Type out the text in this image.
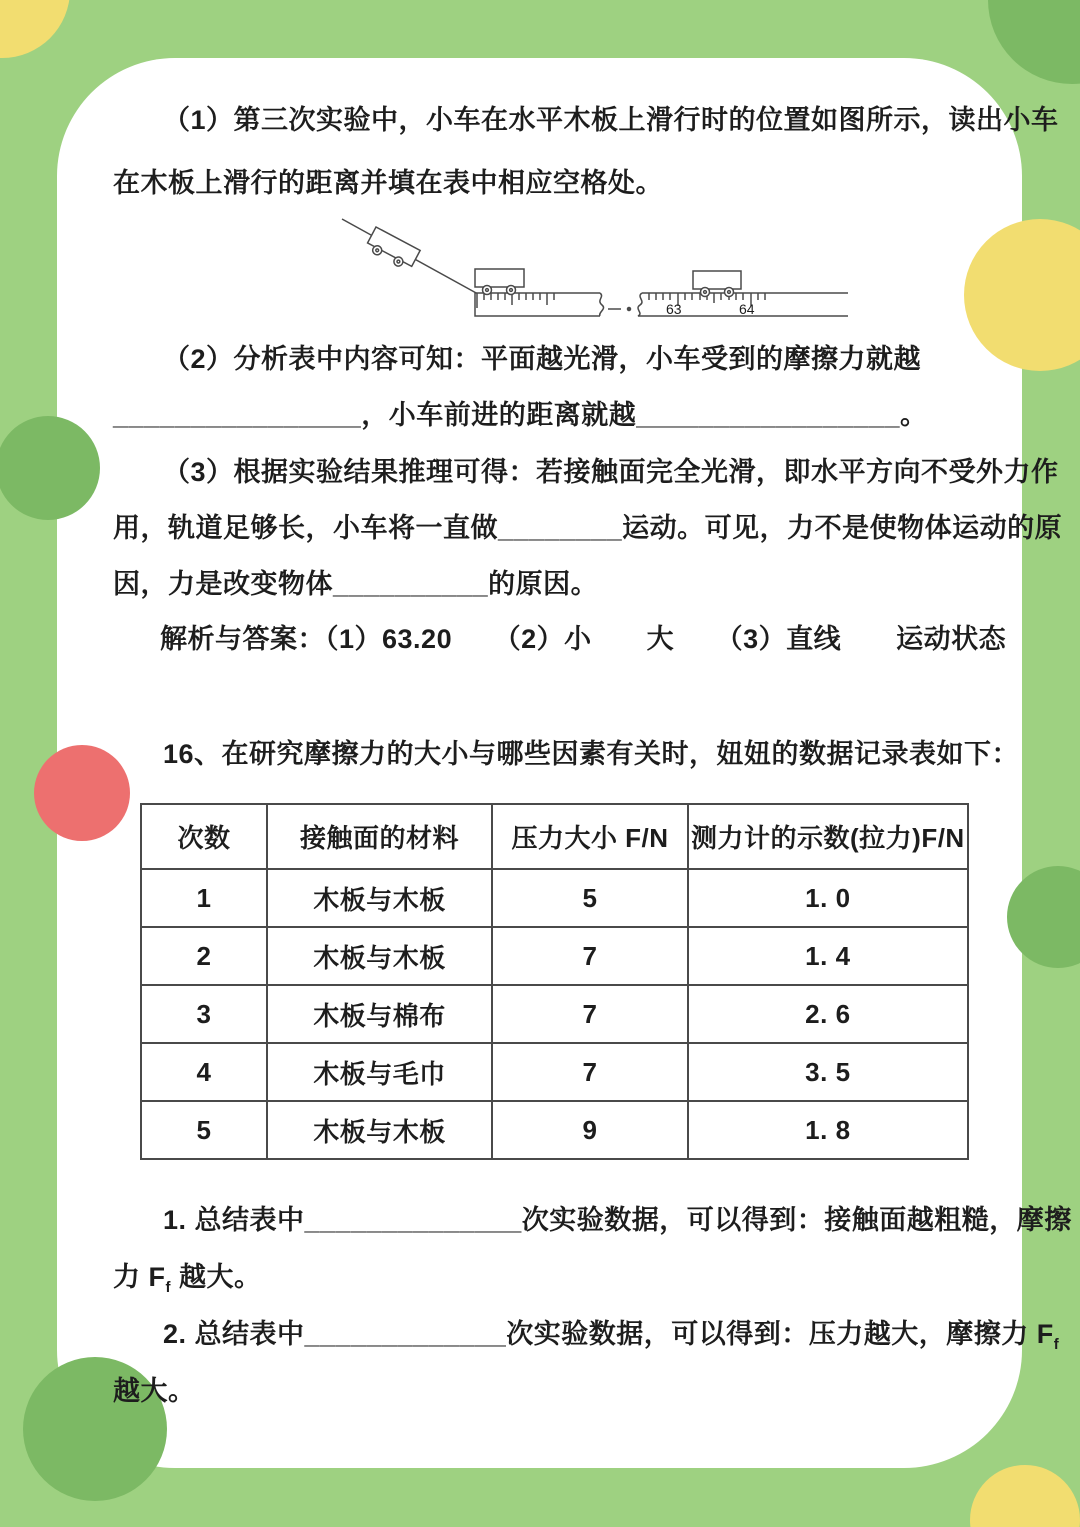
（1）第三次实验中，小车在水平木板上滑行时的位置如图所示，读出小车
在木板上滑行的距离并填在表中相应空格处。
63	64
（2）分析表中内容可知：平面越光滑，小车受到的摩擦力就越
________________，小车前进的距离就越_________________。
（3）根据实验结果推理可得：若接触面完全光滑，即水平方向不受外力作
用，轨道足够长，小车将一直做________运动。可见，力不是使物体运动的原
因，力是改变物体__________的原因。
解析与答案：（1）63.20　　（2）小　　大　　（3）直线　　运动状态
16、在研究摩擦力的大小与哪些因素有关时，妞妞的数据记录表如下：
次数	接触面的材料	压力大小 F/N	测力计的示数(拉力)F/N
1	木板与木板	5	1. 0
2	木板与木板	7	1. 4
3	木板与棉布	7	2. 6
4	木板与毛巾	7	3. 5
5	木板与木板	9	1. 8
1. 总结表中______________次实验数据，可以得到：接触面越粗糙，摩擦
力 $F_f$ 越大。
2. 总结表中_____________次实验数据，可以得到：压力越大，摩擦力 $F_f$
越大。
